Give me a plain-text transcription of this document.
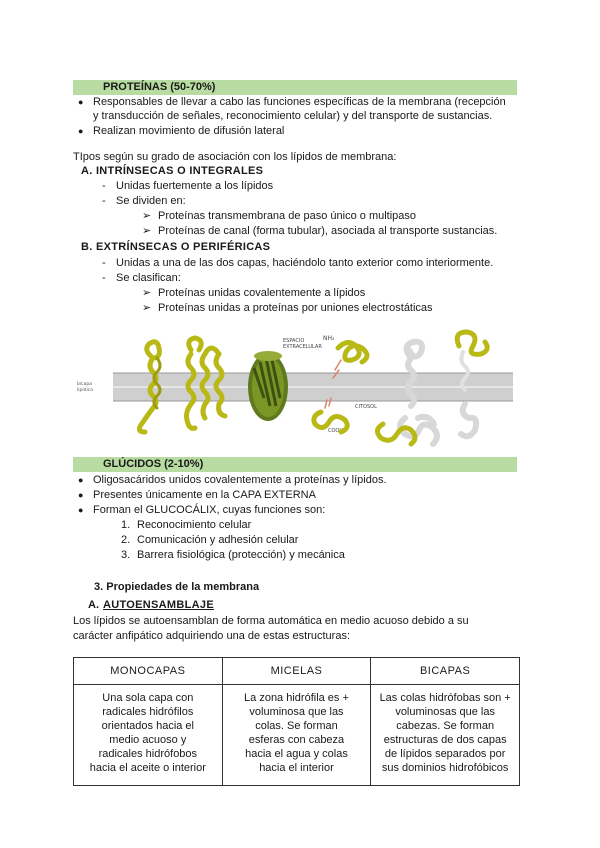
PROTEÍNAS (50-70%)
● Responsables de llevar a cabo las funciones específicas de la membrana (recepción
y transducción de señales, reconocimiento celular) y del transporte de sustancias.
● Realizan movimiento de difusión lateral
TIpos según su grado de asociación con los lípidos de membrana:
A. INTRÍNSECAS O INTEGRALES
- Unidas fuertemente a los lípidos
- Se dividen en:
➢ Proteínas transmembrana de paso único o multipaso
➢ Proteínas de canal (forma tubular), asociada al transporte sustancias.
B. EXTRÍNSECAS O PERIFÉRICAS
- Unidas a una de las dos capas, haciéndolo tanto exterior como interiormente.
- Se clasifican:
➢ Proteínas unidas covalentemente a lípidos
➢ Proteínas unidas a proteínas por uniones electrostáticas
bicapa
lipídica
ESPACIO
EXTRACELULAR
NH₂
CITOSOL
COOH
GLÚCIDOS (2-10%)
● Oligosacáridos unidos covalentemente a proteínas y lípidos.
● Presentes únicamente en la CAPA EXTERNA
● Forman el GLUCOCÁLIX, cuyas funciones son:
1. Reconocimiento celular
2. Comunicación y adhesión celular
3. Barrera fisiológica (protección) y mecánica
3. Propiedades de la membrana
A. AUTOENSAMBLAJE
Los lípidos se autoensamblan de forma automática en medio acuoso debido a su
carácter anfipático adquiriendo una de estas estructuras:
MONOCAPAS	MICELAS	BICAPAS
Una sola capa con radicales hidrófilos orientados hacia el medio acuoso y radicales hidrófobos hacia el aceite o interior	La zona hidrófila es + voluminosa que las colas. Se forman esferas con cabeza hacia el agua y colas hacia el interior	Las colas hidrófobas son + voluminosas que las cabezas. Se forman estructuras de dos capas de lípidos separados por sus dominios hidrofóbicos
